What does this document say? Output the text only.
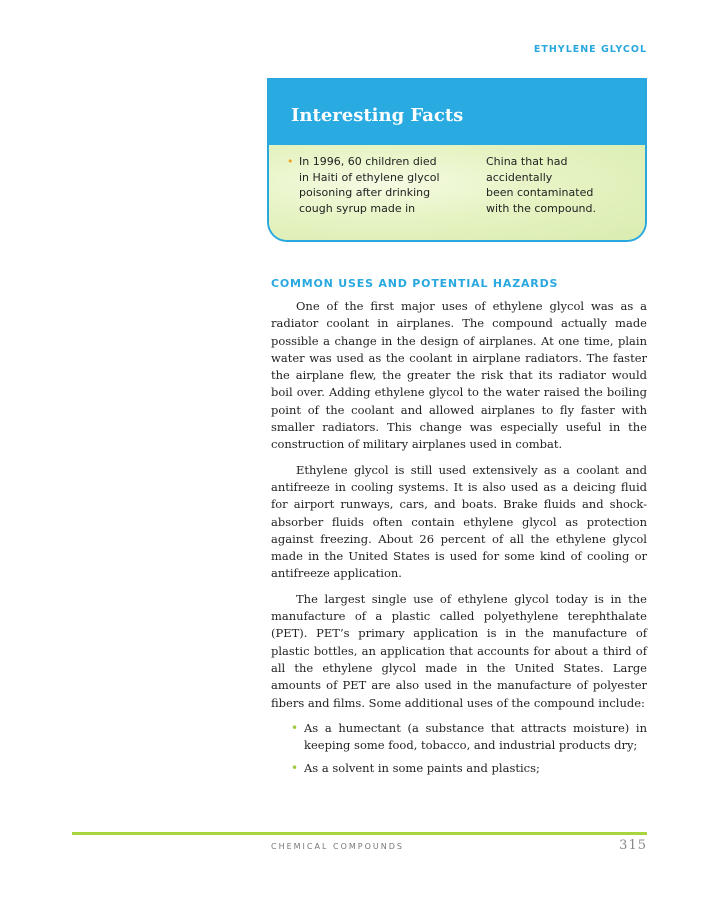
ETHYLENE GLYCOL
Interesting Facts
• In 1996, 60 children died
in Haiti of ethylene glycol
poisoning after drinking
cough syrup made in
China that had
accidentally
been contaminated
with the compound.
COMMON USES AND POTENTIAL HAZARDS

One of the first major uses of ethylene glycol was as a radiator coolant in airplanes. The compound actually made possible a change in the design of airplanes. At one time, plain water was used as the coolant in airplane radiators. The faster the airplane flew, the greater the risk that its radiator would boil over. Adding ethylene glycol to the water raised the boiling point of the coolant and allowed airplanes to fly faster with smaller radiators. This change was especially useful in the construction of military airplanes used in combat.

Ethylene glycol is still used extensively as a coolant and antifreeze in cooling systems. It is also used as a deicing fluid for airport runways, cars, and boats. Brake fluids and shock-absorber fluids often contain ethylene glycol as protection against freezing. About 26 percent of all the ethylene glycol made in the United States is used for some kind of cooling or antifreeze application.

The largest single use of ethylene glycol today is in the manufacture of a plastic called polyethylene terephthalate (PET). PET’s primary application is in the manufacture of plastic bottles, an application that accounts for about a third of all the ethylene glycol made in the United States. Large amounts of PET are also used in the manufacture of polyester fibers and films. Some additional uses of the compound include:

• As a humectant (a substance that attracts moisture) in keeping some food, tobacco, and industrial products dry;
• As a solvent in some paints and plastics;
CHEMICAL COMPOUNDS	315
